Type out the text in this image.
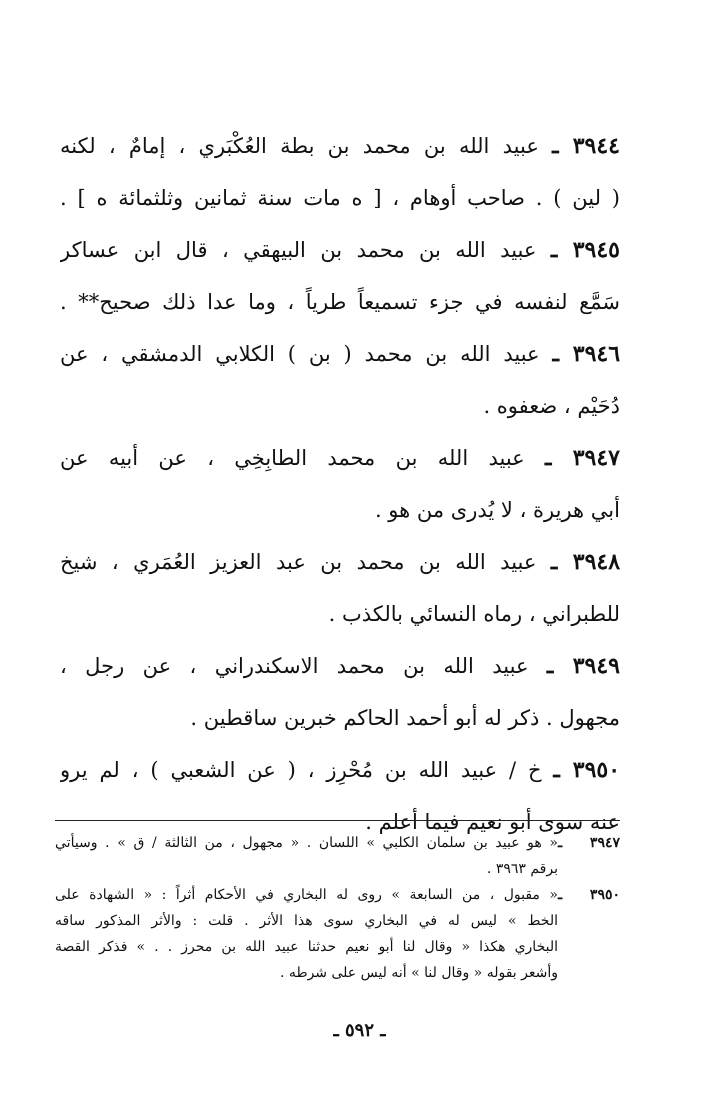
٣٩٤٤ ـ عبيد الله بن محمد بن بطة العُكْبَري ، إمامٌ ، لكنه
( لين ) . صاحب أوهام ، [ ه مات سنة ثمانين وثلثمائة ه ] .
٣٩٤٥ ـ عبيد الله بن محمد بن البيهقي ، قال ابن عساكر
سَمَّع لنفسه في جزء تسميعاً طرياً ، وما عدا ذلك صحيح** .
٣٩٤٦ ـ عبيد الله بن محمد ( بن ) الكلابي الدمشقي ، عن
دُحَيْم ، ضعفوه .
٣٩٤٧ ـ عبيد الله بن محمد الطابِخِي ، عن أبيه عن
أبي هريرة ، لا يُدرى من هو .
٣٩٤٨ ـ عبيد الله بن محمد بن عبد العزيز العُمَري ، شيخ
للطبراني ، رماه النسائي بالكذب .
٣٩٤٩ ـ عبيد الله بن محمد الاسكندراني ، عن رجل ،
مجهول . ذكر له أبو أحمد الحاكم خبرين ساقطين .
٣٩٥٠ ـ خ / عبيد الله بن مُحْرِز ، ( عن الشعبي ) ، لم يرو
عنه سوى أبو نعيم فيما أعلم .
٣٩٤٧ ـ« هو عبيد بن سلمان الكلبي » اللسان . « مجهول ، من الثالثة / ق » . وسيأتي
برقم ٣٩٦٣ .
٣٩٥٠ ـ« مقبول ، من السابعة » روى له البخاري في الأحكام أثراً : « الشهادة على
الخط » ليس له في البخاري سوى هذا الأثر . قلت : والأثر المذكور ساقه
البخاري هكذا « وقال لنا أبو نعيم حدثنا عبيد الله بن محرز . . » فذكر القصة
وأشعر بقوله « وقال لنا » أنه ليس على شرطه .
ـ ٥٩٢ ـ
